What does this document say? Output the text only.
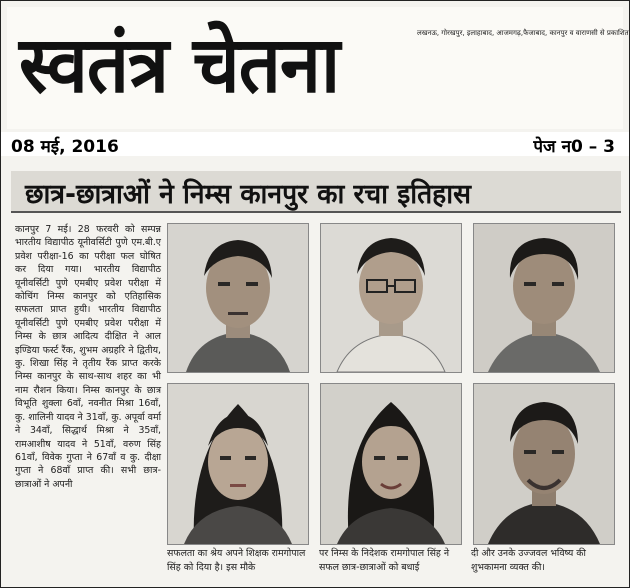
स्वतंत्र चेतना	लखनऊ, गोरखपुर, इलाहाबाद, आजमगढ़,फैजाबाद, कानपुर व वाराणसी से प्रकाशित
08 मई, 2016	पेज न0 – 3
छात्र-छात्राओं ने निम्स कानपुर का रचा इतिहास

कानपुर 7 मई। 28 फरवरी को सम्पन्न भारतीय विद्यापीठ यूनीवर्सिटी पुणे एम.बी.ए प्रवेश परीक्षा-16 का परीक्षा फल घोषित कर दिया गया। भारतीय विद्यापीठ यूनीवर्सिटी पुणे एमबीए प्रवेश परीक्षा में कोचिंग निम्स कानपुर को एतिहासिक सफलता प्राप्त हुयी। भारतीय विद्यापीठ यूनीवर्सिटी पुणे एमबीए प्रवेश परीक्षा में निम्स के छात्र आदित्य दीक्षित ने आल इण्डिया फर्स्ट रैंक, शुभम अग्रहरि ने द्वितीय, कु. शिखा सिंह ने तृतीय रैंक प्राप्त करके निम्स कानपुर के साथ-साथ शहर का भी नाम रौशन किया। निम्स कानपुर के छात्र विभूति शुक्ला 6वाँ, नवनीत मिश्रा 16वाँ, कु. शालिनी यादव ने 31वाँ, कु. अपूर्वा वर्मा ने 34वाँ, सिद्धार्थ मिश्रा ने 35वाँ, रामआशीष यादव ने 51वाँ, वरुण सिंह 61वाँ, विवेक गुप्ता ने 67वाँ व कु. दीक्षा गुप्ता ने 68वाँ प्राप्त की। सभी छात्र-छात्राओं ने अपनी

सफलता का श्रेय अपने शिक्षक रामगोपाल सिंह को दिया है। इस मौके
पर निम्स के निदेशक रामगोपाल सिंह ने सफल छात्र-छात्राओं को बधाई
दी और उनके उज्जवल भविष्य की शुभकामना व्यक्त की।
